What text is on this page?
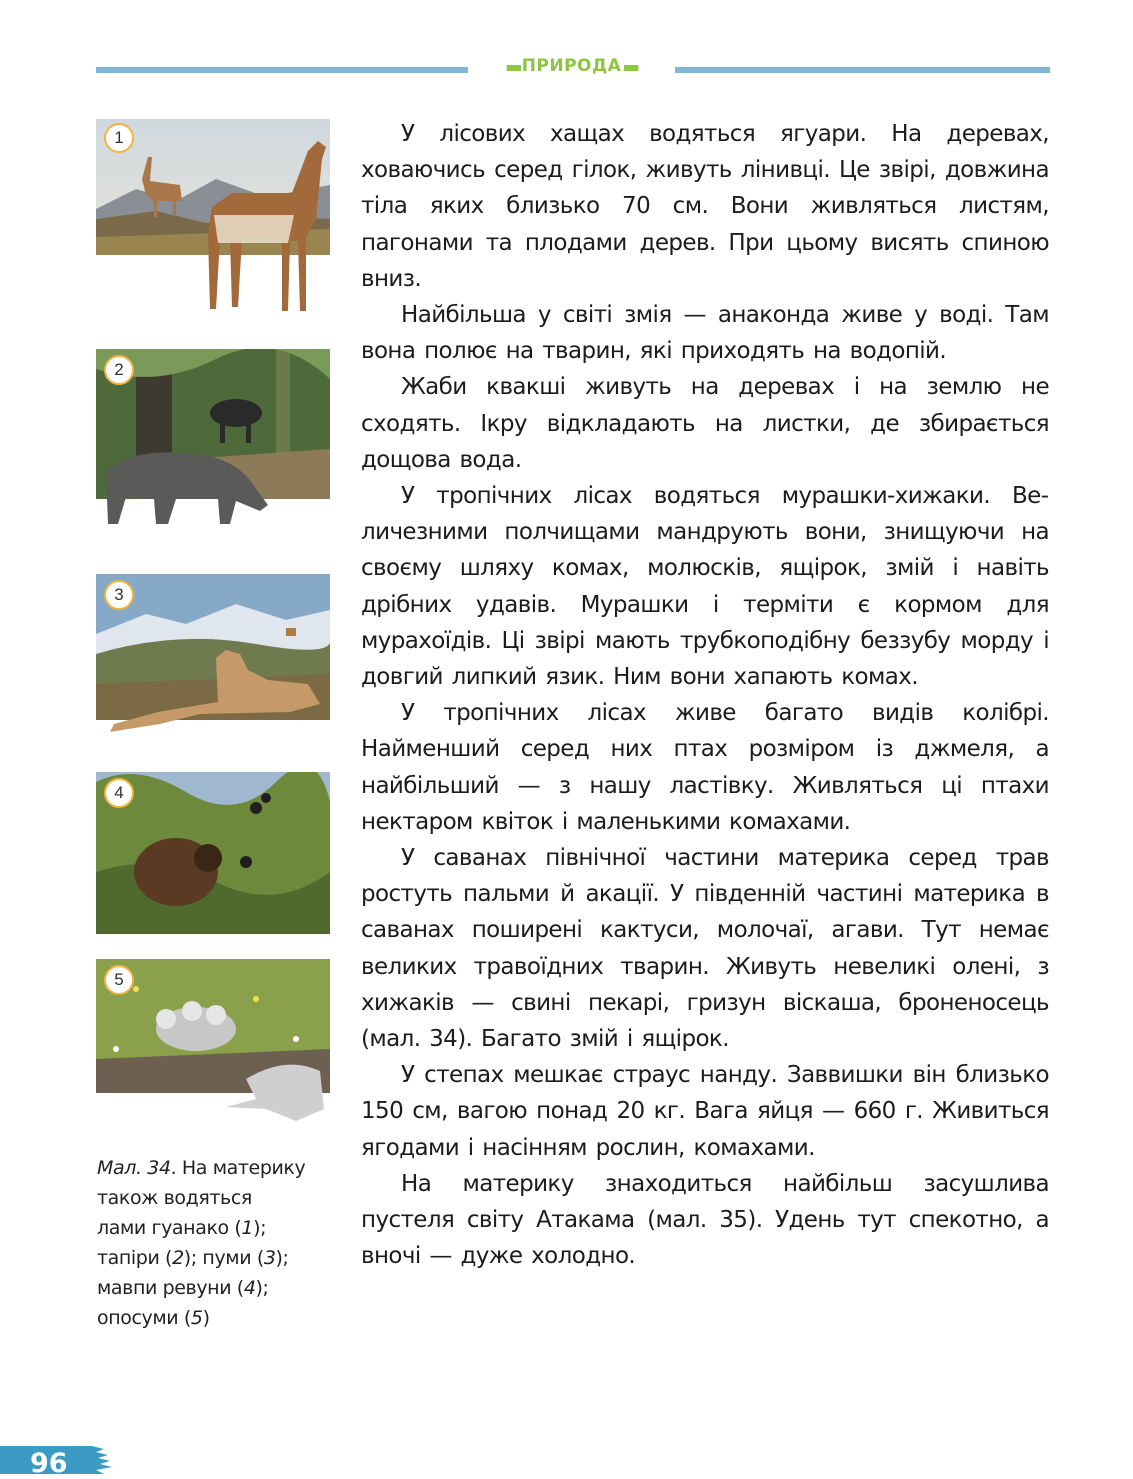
ıııııııı ПРИРОДА ıııııııı
1
2
3
4
5
Мал. 34. На материку
також водяться
лами гуанако (1);
тапіри (2); пуми (3);
мавпи ревуни (4);
опосуми (5)

У лісових хащах водяться ягуари. На деревах, ховаючись серед гілок, живуть лінивці. Це звірі, довжина тіла яких близько 70 см. Вони живляться листям, пагонами та плодами дерев. При цьому висять спиною вниз.

Найбільша у світі змія — анаконда живе у воді. Там вона полює на тварин, які приходять на водопій.

Жаби квакші живуть на деревах і на землю не сходять. Ікру відкладають на листки, де збирається дощова вода.

У тропічних лісах водяться мурашки-хижаки. Величезними полчищами мандрують вони, знищуючи на своєму шляху комах, молюсків, ящірок, змій і навіть дрібних удавів. Мурашки і терміти є кормом для мурахоїдів. Ці звірі мають трубкоподібну беззубу морду і довгий липкий язик. Ним вони хапають комах.

У тропічних лісах живе багато видів колібрі. Найменший серед них птах розміром із джмеля, а найбільший — з нашу ластівку. Живляться ці птахи нектаром квіток і маленькими комахами.

У саванах північної частини материка серед трав ростуть пальми й акації. У південній частині материка в саванах поширені кактуси, молочаї, агави. Тут немає великих травоїдних тварин. Живуть невеликі олені, з хижаків — свині пекарі, гризун віскаша, броненосець (мал. 34). Багато змій і ящірок.

У степах мешкає страус нанду. Заввишки він близько 150 см, вагою понад 20 кг. Вага яйця — 660 г. Живиться ягодами і насінням рослин, комахами.

На материку знаходиться найбільш засушлива пустеля світу Атакама (мал. 35). Удень тут спекотно, а вночі — дуже холодно.

96
